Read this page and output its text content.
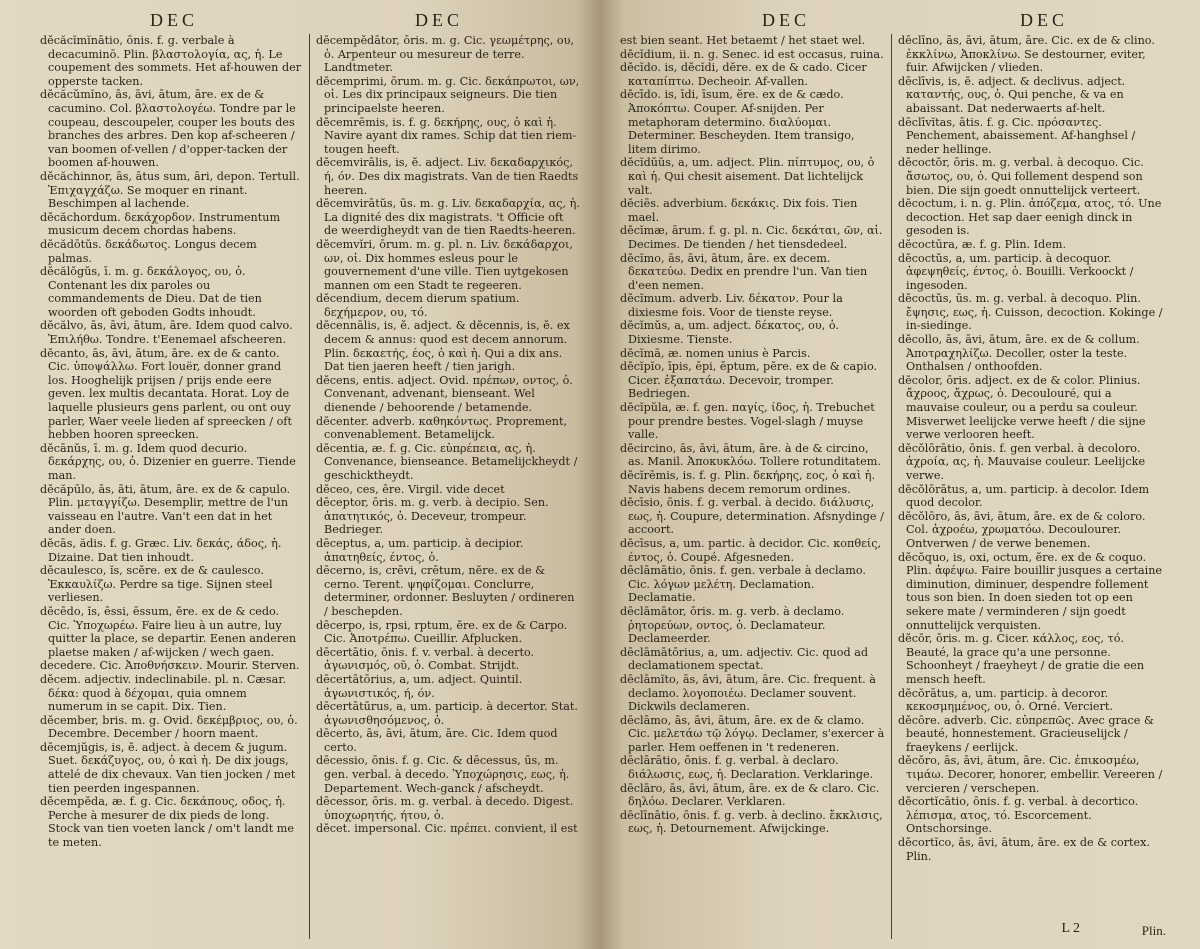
DEC	DEC
dĕcăcĭmĭnātio, ōnis. f. g. verbale à decacuminō. Plin. βλαστολογία, ας, ἡ. Le coupement des sommets. Het af-houwen der opperste tacken.
dĕcăcŭmĭno, ās, āvi, ātum, āre. ex de & cacumino. Col. βλαστολογέω. Tondre par le coupeau, descoupeler, couper les bouts des branches des arbres. Den kop af-scheeren / van boomen of-vellen / d'opper-tacken der boomen af-houwen.
dĕcăchinnor, ās, ātus sum, āri, depon. Tertull. Ἐπιχαγχάζω. Se moquer en rinant. Beschimpen al lachende.
dĕcăchordum. δεκάχορδον. Instrumentum musicum decem chordas habens.
dĕcădōtŭs. δεκάδωτος. Longus decem palmas.
dĕcălŏgŭs, ī. m. g. δεκάλογος, ου, ὁ. Contenant les dix paroles ou commandements de Dieu. Dat de tien woorden oft geboden Godts inhoudt.
dĕcălvo, ās, āvi, ātum, āre. Idem quod calvo. Ἐπιλήθω. Tondre. t'Eenemael afscheeren.
dĕcanto, ās, āvi, ātum, āre. ex de & canto. Cic. ὑποψάλλω. Fort louër, donner grand los. Hooghelijk prijsen / prijs ende eere geven. lex multis decantata. Horat. Loy de laquelle plusieurs gens parlent, ou ont ouy parler, Waer veele lieden af spreecken / oft hebben hooren spreecken.
dĕcānŭs, ī. m. g. Idem quod decurio. δεκάρχης, ου, ὁ. Dizenier en guerre. Tiende man.
dĕcăpūlo, ās, āti, ātum, āre. ex de & capulo. Plin. μεταγγίζω. Desemplir, mettre de l'un vaisseau en l'autre. Van't een dat in het ander doen.
dĕcās, ădis. f. g. Græc. Liv. δεκάς, άδος, ἡ. Dizaine. Dat tien inhoudt.
dĕcaulesco, ĭs, scĕre. ex de & caulesco. Ἐκκαυλίζω. Perdre sa tige. Sijnen steel verliesen.
dĕcēdo, ĭs, ēssi, ēssum, ĕre. ex de & cedo. Cic. Ὑποχωρέω. Faire lieu à un autre, luy quitter la place, se departir. Eenen anderen plaetse maken / af-wijcken / wech gaen.
decedere. Cic. Ἀποθνήσκειν. Mourir. Sterven.
dĕcem. adjectiv. indeclinabile. pl. n. Cæsar. δέκα: quod à δέχομαι, quia omnem numerum in se capit. Dix. Tien.
dĕcember, bris. m. g. Ovid. δεκέμβριος, ου, ὁ. Decembre. December / hoorn maent.
dĕcemjŭgis, is, ĕ. adject. à decem & jugum. Suet. δεκάζυγος, ου, ὁ καὶ ἡ. De dix jougs, attelé de dix chevaux. Van tien jocken / met tien peerden ingespannen.
dĕcempĕda, æ. f. g. Cic. δεκάπους, οδος, ἡ. Perche à mesurer de dix pieds de long. Stock van tien voeten lanck / om't landt me te meten.
dĕcempĕdātor, ōris. m. g. Cic. γεωμέτρης, ου, ὁ. Arpenteur ou mesureur de terre. Landtmeter.
dĕcemprimi, ōrum. m. g. Cic. δεκάπρωτοι, ων, οἱ. Les dix principaux seigneurs. Die tien principaelste heeren.
dĕcemrēmis, is. f. g. δεκήρης, ους, ὁ καὶ ἡ. Navire ayant dix rames. Schip dat tien riem-tougen heeft.
dĕcemvirālis, is, ĕ. adject. Liv. δεκαδαρχικός, ή, όν. Des dix magistrats. Van de tien Raedts heeren.
dĕcemvirātŭs, ūs. m. g. Liv. δεκαδαρχία, ας, ἡ. La dignité des dix magistrats. 't Officie oft de weerdigheydt van de tien Raedts-heeren.
dĕcemvĭri, ōrum. m. g. pl. n. Liv. δεκάδαρχοι, ων, οἱ. Dix hommes esleus pour le gouvernement d'une ville. Tien uytgekosen mannen om een Stadt te regeeren.
dĕcendium, decem dierum spatium. δεχήμερον, ου, τό.
dĕcennālis, is, ĕ. adject. & dĕcennis, is, ĕ. ex decem & annus: quod est decem annorum. Plin. δεκαετής, έος, ὁ καὶ ἡ. Qui a dix ans. Dat tien jaeren heeft / tien jarigh.
dĕcens, entis. adject. Ovid. πρέπων, οντος, ὁ. Convenant, advenant, bienseant. Wel dienende / behoorende / betamende.
dĕcenter. adverb. καθηκόντως. Proprement, convenablement. Betamelijck.
dĕcentia, æ. f. g. Cic. εὐπρέπεια, ας, ἡ. Convenance, bienseance. Betamelijckheydt / geschicktheydt.
dĕceo, ces, ēre. Virgil. vide decet
dēceptor, ōris. m. g. verb. à decipio. Sen. ἀπατητικός, ὁ. Deceveur, trompeur. Bedrieger.
dēceptus, a, um. particip. à decipior. ἀπατηθείς, έντος, ὁ.
dēcerno, is, crēvi, crētum, nĕre. ex de & cerno. Terent. ψηφίζομαι. Conclurre, determiner, ordonner. Besluyten / ordineren / beschepden.
dēcerpo, is, rpsi, rptum, ĕre. ex de & Carpo. Cic. Ἀποτρέπω. Cueillir. Afplucken.
dēcertātio, ōnis. f. v. verbal. à decerto. ἀγωνισμός, οῦ, ὁ. Combat. Strijdt.
dēcertātōrius, a, um. adject. Quintil. ἀγωνιστικός, ή, όν.
dēcertātūrus, a, um. particip. à decertor. Stat. ἀγωνισθησόμενος, ὁ.
dēcerto, ās, āvi, ātum, āre. Cic. Idem quod certo.
dēcessio, ōnis. f. g. Cic. & dēcessus, ūs, m. gen. verbal. à decedo. Ὑποχώρησις, εως, ἡ. Departement. Wech-ganck / afscheydt.
dēcessor, ōris. m. g. verbal. à decedo. Digest. ὑποχωρητής, ήτου, ὁ.
dĕcet. impersonal. Cic. πρέπει. convient, il est
DEC	DEC
est bien seant. Het betaemt / het staet wel.
dĕcĭdium, ii. n. g. Senec. id est occasus, ruina.
dĕcĭdo. is, dĕcĭdi, dĕre. ex de & cado. Cicer καταπίπτω. Decheoir. Af-vallen.
dĕcīdo. is, īdi, īsum, ĕre. ex de & cædo. Ἀποκόπτω. Couper. Af-snijden. Per metaphoram determino. διαλύομαι. Determiner. Bescheyden. Item transigo, litem dirimo.
dĕcĭdŭŭs, a, um. adject. Plin. πίπτυμος, ου, ὁ καὶ ἡ. Qui chesit aisement. Dat lichtelijck valt.
dĕciēs. adverbium. δεκάκις. Dix fois. Tien mael.
dĕcĭmæ, ārum. f. g. pl. n. Cic. δεκάται, ῶν, αἱ. Decimes. De tienden / het tiensdedeel.
dĕcĭmo, ās, āvi, ātum, āre. ex decem. δεκατεύω. Dedix en prendre l'un. Van tien d'een nemen.
dĕcĭmum. adverb. Liv. δέκατον. Pour la dixiesme fois. Voor de tienste reyse.
dĕcĭmŭs, a, um. adject. δέκατος, ου, ὁ. Dixiesme. Tienste.
dĕcĭmā, æ. nomen unius è Parcis.
dĕcĭpĭo, īpis, ēpi, ēptum, pĕre. ex de & capio. Cicer. ἐξαπατάω. Decevoir, tromper. Bedriegen.
dĕcĭpŭla, æ. f. gen. παγίς, ίδος, ἡ. Trebuchet pour prendre bestes. Vogel-slagh / muyse valle.
dĕcircino, ās, āvi, ātum, āre. à de & circino, as. Manil. Ἀποκυκλόω. Tollere rotunditatem.
dĕcĭrēmis, is. f. g. Plin. δεκήρης, εος, ὁ καὶ ἡ. Navis habens decem remorum ordines.
dĕcīsio, ōnis. f. g. verbal. à decido. διάλυσις, εως, ἡ. Coupure, determination. Afsnydinge / accoort.
dĕcīsus, a, um. partic. à decidor. Cic. κοπθείς, έντος, ὁ. Coupé. Afgesneden.
dēclāmātio, ōnis. f. gen. verbale à declamo. Cic. λόγων μελέτη. Declamation. Declamatie.
dēclāmātor, ōris. m. g. verb. à declamo. ῥητορεύων, οντος, ὁ. Declamateur. Declameerder.
dēclāmātōrius, a, um. adjectiv. Cic. quod ad declamationem spectat.
dēclāmĭto, ās, āvi, ātum, āre. Cic. frequent. à declamo. λογοποιέω. Declamer souvent. Dickwils declameren.
dēclāmo, ās, āvi, ātum, āre. ex de & clamo. Cic. μελετάω τῷ λόγῳ. Declamer, s'exercer à parler. Hem oeffenen in 't redeneren.
dēclārātio, ōnis. f. g. verbal. à declaro. διάλωσις, εως, ἡ. Declaration. Verklaringe.
dēclāro, ās, āvi, ātum, āre. ex de & claro. Cic. δηλόω. Declarer. Verklaren.
dēclīnātio, ōnis. f. g. verb. à declino. ἔκκλισις, εως, ἡ. Detournement. Afwijckinge.
dēclīno, ās, āvi, ātum, āre. Cic. ex de & clino. ἐκκλίνω, Ἀποκλίνω. Se destourner, eviter, fuir. Afwijcken / vlieden.
dēclīvis, is, ĕ. adject. & declivus. adject. καταντής, ους, ὁ. Qui penche, & va en abaissant. Dat nederwaerts af-helt.
dēclīvĭtas, ātis. f. g. Cic. πρόσαντες. Penchement, abaissement. Af-hanghsel / neder hellinge.
dĕcoctŏr, ōris. m. g. verbal. à decoquo. Cic. ἄσωτος, ου, ὁ. Qui follement despend son bien. Die sijn goedt onnuttelijck verteert.
dĕcoctum, i. n. g. Plin. ἀπόζεμα, ατος, τό. Une decoction. Het sap daer eenigh dinck in gesoden is.
dĕcoctūra, æ. f. g. Plin. Idem.
dĕcoctŭs, a, um. particip. à decoquor. ἀφεψηθείς, έντος, ὁ. Bouilli. Verkoockt / ingesoden.
dĕcoctŭs, ūs. m. g. verbal. à decoquo. Plin. ἔψησις, εως, ἡ. Cuisson, decoction. Kokinge / in-siedinge.
dĕcollo, ās, āvi, ātum, āre. ex de & collum. Ἀποτραχηλίζω. Decoller, oster la teste. Onthalsen / onthoofden.
dĕcolor, ōris. adject. ex de & color. Plinius. ἄχροος, ἄχρως, ὁ. Decoulouré, qui a mauvaise couleur, ou a perdu sa couleur. Misverwet leelijcke verwe heeft / die sijne verwe verlooren heeft.
dĕcŏlōrātio, ōnis. f. gen verbal. à decoloro. ἀχροία, ας, ἡ. Mauvaise couleur. Leelijcke verwe.
dĕcŏlōrātus, a, um. particip. à decolor. Idem quod decolor.
dĕcŏlōro, ās, āvi, ātum, āre. ex de & coloro. Col. ἀχροέω, χρωματόω. Decoulourer. Ontverwen / de verwe benemen.
dĕcŏquo, is, oxi, octum, ĕre. ex de & coquo. Plin. ἀφέψω. Faire bouillir jusques a certaine diminution, diminuer, despendre follement tous son bien. In doen sieden tot op een sekere mate / verminderen / sijn goedt onnuttelijck verquisten.
dĕcŏr, ōris. m. g. Cicer. κάλλος, εος, τό. Beauté, la grace qu'a une personne. Schoonheyt / fraeyheyt / de gratie die een mensch heeft.
dĕcŏrātus, a, um. particip. à decoror. κεκοσμημένος, ου, ὁ. Orné. Verciert.
dĕcōre. adverb. Cic. εὐπρεπῶς. Avec grace & beauté, honnestement. Gracieuselijck / fraeykens / eerlijck.
dĕcŏro, ās, āvi, ātum, āre. Cic. ἐπικοσμέω, τιμάω. Decorer, honorer, embellir. Vereeren / vercieren / verschepen.
dĕcortĭcātio, ōnis. f. g. verbal. à decortico. λέπισμα, ατος, τό. Escorcement. Ontschorsinge.
dĕcortĭco, ās, āvi, ātum, āre. ex de & cortex. Plin.
L 2	Plin.
